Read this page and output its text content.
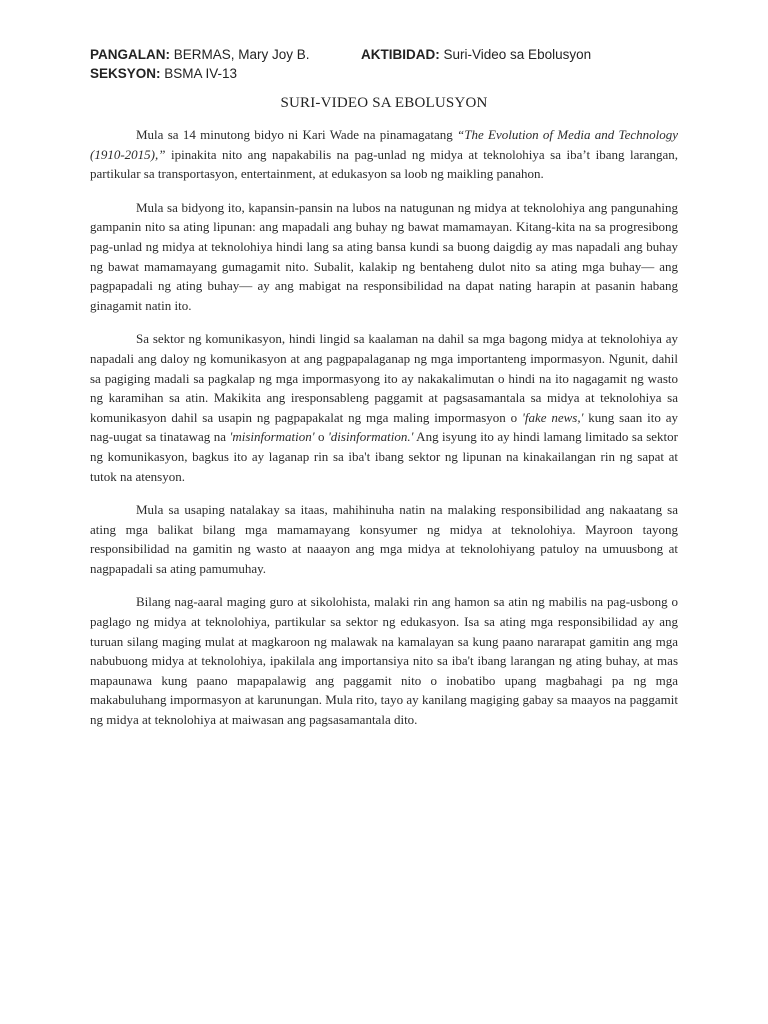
PANGALAN: BERMAS, Mary Joy B.	AKTIBIDAD: Suri-Video sa Ebolusyon
SEKSYON: BSMA IV-13
SURI-VIDEO SA EBOLUSYON

Mula sa 14 minutong bidyo ni Kari Wade na pinamagatang “The Evolution of Media and Technology (1910-2015),” ipinakita nito ang napakabilis na pag-unlad ng midya at teknolohiya sa iba’t ibang larangan, partikular sa transportasyon, entertainment, at edukasyon sa loob ng maikling panahon.

Mula sa bidyong ito, kapansin-pansin na lubos na natugunan ng midya at teknolohiya ang pangunahing gampanin nito sa ating lipunan: ang mapadali ang buhay ng bawat mamamayan. Kitang-kita na sa progresibong pag-unlad ng midya at teknolohiya hindi lang sa ating bansa kundi sa buong daigdig ay mas napadali ang buhay ng bawat mamamayang gumagamit nito. Subalit, kalakip ng bentaheng dulot nito sa ating mga buhay— ang pagpapadali ng ating buhay— ay ang mabigat na responsibilidad na dapat nating harapin at pasanin habang ginagamit natin ito.

Sa sektor ng komunikasyon, hindi lingid sa kaalaman na dahil sa mga bagong midya at teknolohiya ay napadali ang daloy ng komunikasyon at ang pagpapalaganap ng mga importanteng impormasyon. Ngunit, dahil sa pagiging madali sa pagkalap ng mga impormasyong ito ay nakakalimutan o hindi na ito nagagamit ng wasto ng karamihan sa atin. Makikita ang iresponsableng paggamit at pagsasamantala sa midya at teknolohiya sa komunikasyon dahil sa usapin ng pagpapakalat ng mga maling impormasyon o 'fake news,' kung saan ito ay nag-uugat sa tinatawag na 'misinformation' o 'disinformation.' Ang isyung ito ay hindi lamang limitado sa sektor ng komunikasyon, bagkus ito ay laganap rin sa iba't ibang sektor ng lipunan na kinakailangan rin ng sapat at tutok na atensyon.

Mula sa usaping natalakay sa itaas, mahihinuha natin na malaking responsibilidad ang nakaatang sa ating mga balikat bilang mga mamamayang konsyumer ng midya at teknolohiya. Mayroon tayong responsibilidad na gamitin ng wasto at naaayon ang mga midya at teknolohiyang patuloy na umuusbong at nagpapadali sa ating pamumuhay.

Bilang nag-aaral maging guro at sikolohista, malaki rin ang hamon sa atin ng mabilis na pag-usbong o paglago ng midya at teknolohiya, partikular sa sektor ng edukasyon. Isa sa ating mga responsibilidad ay ang turuan silang maging mulat at magkaroon ng malawak na kamalayan sa kung paano nararapat gamitin ang mga nabubuong midya at teknolohiya, ipakilala ang importansiya nito sa iba't ibang larangan ng ating buhay, at mas mapaunawa kung paano mapapalawig ang paggamit nito o inobatibo upang magbahagi pa ng mga makabuluhang impormasyon at karunungan. Mula rito, tayo ay kanilang magiging gabay sa maayos na paggamit ng midya at teknolohiya at maiwasan ang pagsasamantala dito.
